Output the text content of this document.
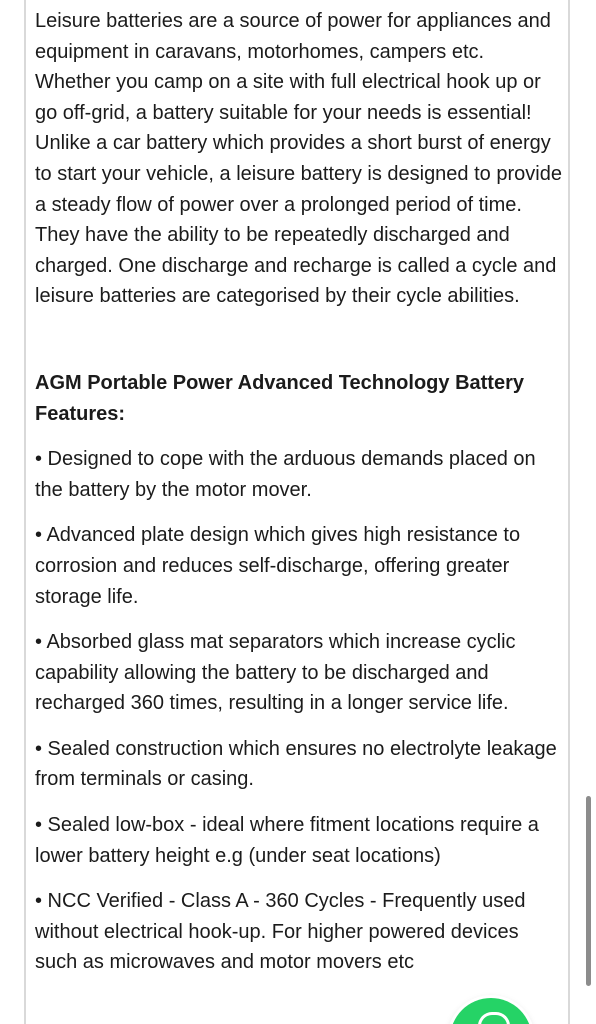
Leisure batteries are a source of power for appliances and equipment in caravans, motorhomes, campers etc. Whether you camp on a site with full electrical hook up or go off-grid, a battery suitable for your needs is essential! Unlike a car battery which provides a short burst of energy to start your vehicle, a leisure battery is designed to provide a steady flow of power over a prolonged period of time. They have the ability to be repeatedly discharged and charged. One discharge and recharge is called a cycle and leisure batteries are categorised by their cycle abilities.

AGM Portable Power Advanced Technology Battery Features:

• Designed to cope with the arduous demands placed on the battery by the motor mover.

• Advanced plate design which gives high resistance to corrosion and reduces self-discharge, offering greater storage life.

• Absorbed glass mat separators which increase cyclic capability allowing the battery to be discharged and recharged 360 times, resulting in a longer service life.

• Sealed construction which ensures no electrolyte leakage from terminals or casing.

• Sealed low-box - ideal where fitment locations require a lower battery height e.g (under seat locations)

• NCC Verified - Class A - 360 Cycles - Frequently used without electrical hook-up. For higher powered devices such as microwaves and motor movers etc
